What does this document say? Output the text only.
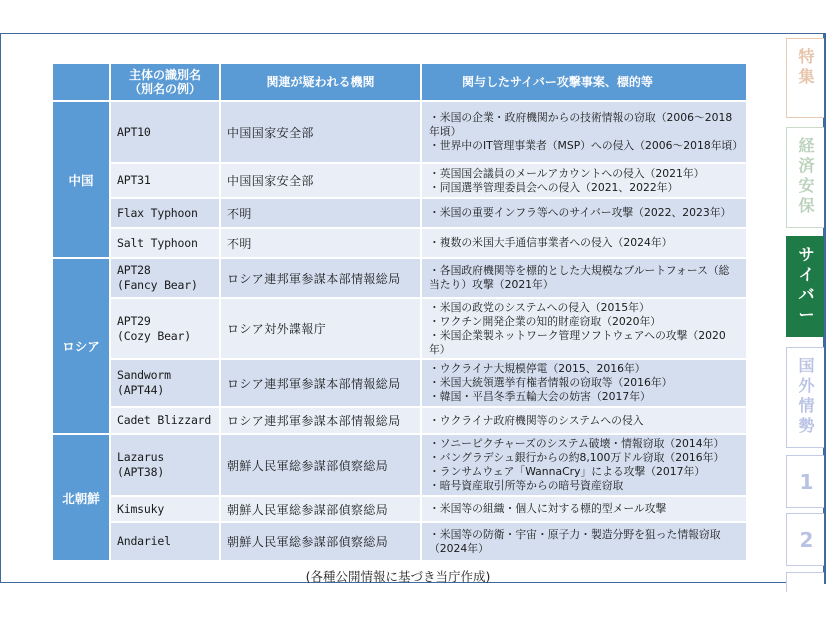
	主体の識別名
（別名の例）	関連が疑われる機関	関与したサイバー攻撃事案、標的等
中国	APT10	中国国家安全部	・米国の企業・政府機関からの技術情報の窃取（2006～2018年頃）
・世界中のIT管理事業者（MSP）への侵入（2006～2018年頃）

	APT31	中国国家安全部	・英国国会議員のメールアカウントへの侵入（2021年）
・同国選挙管理委員会への侵入（2021、2022年）

	Flax Typhoon	不明	・米国の重要インフラ等へのサイバー攻撃（2022、2023年）

	Salt Typhoon	不明	・複数の米国大手通信事業者への侵入（2024年）

ロシア	APT28
(Fancy Bear)	ロシア連邦軍参謀本部情報総局	・各国政府機関等を標的とした大規模なブルートフォース（総当たり）攻撃（2021年）

	APT29
(Cozy Bear)	ロシア対外諜報庁	・米国の政党のシステムへの侵入（2015年）
・ワクチン開発企業の知的財産窃取（2020年）
・米国企業製ネットワーク管理ソフトウェアへの攻撃（2020年）

	Sandworm
(APT44)	ロシア連邦軍参謀本部情報総局	・ウクライナ大規模停電（2015、2016年）
・米国大統領選挙有権者情報の窃取等（2016年）
・韓国・平昌冬季五輪大会の妨害（2017年）

	Cadet Blizzard	ロシア連邦軍参謀本部情報総局	・ウクライナ政府機関等のシステムへの侵入

北朝鮮	Lazarus
(APT38)	朝鮮人民軍総参謀部偵察総局	・ソニーピクチャーズのシステム破壊・情報窃取（2014年）
・バングラデシュ銀行からの約8,100万ドル窃取（2016年）
・ランサムウェア「WannaCry」による攻撃（2017年）
・暗号資産取引所等からの暗号資産窃取

	Kimsuky	朝鮮人民軍総参謀部偵察総局	・米国等の組織・個人に対する標的型メール攻撃

	Andariel	朝鮮人民軍総参謀部偵察総局	・米国等の防衛・宇宙・原子力・製造分野を狙った情報窃取（2024年）
(各種公開情報に基づき当庁作成)
特
集
経
済
安
保
サ
イ
バ
ー
国
外
情
勢
1
2
